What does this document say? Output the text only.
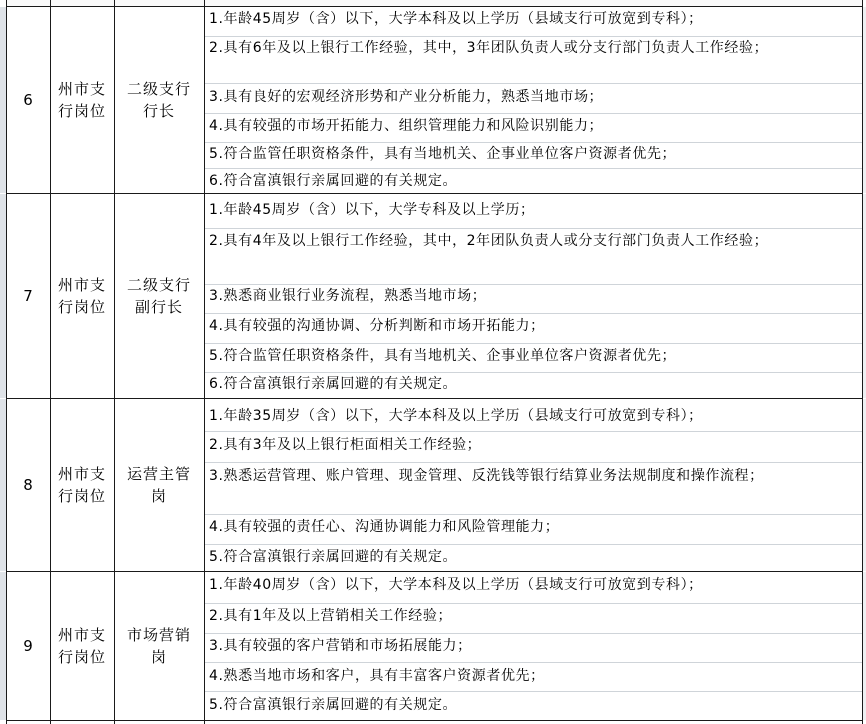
6
州市支行岗位
二级支行行长
1.年龄45周岁（含）以下，大学本科及以上学历（县域支行可放宽到专科）；
2.具有6年及以上银行工作经验，其中，3年团队负责人或分支行部门负责人工作经验；
3.具有良好的宏观经济形势和产业分析能力，熟悉当地市场；
4.具有较强的市场开拓能力、组织管理能力和风险识别能力；
5.符合监管任职资格条件，具有当地机关、企事业单位客户资源者优先；
6.符合富滇银行亲属回避的有关规定。
7
州市支行岗位
二级支行副行长
1.年龄45周岁（含）以下，大学专科及以上学历；
2.具有4年及以上银行工作经验，其中，2年团队负责人或分支行部门负责人工作经验；
3.熟悉商业银行业务流程，熟悉当地市场；
4.具有较强的沟通协调、分析判断和市场开拓能力；
5.符合监管任职资格条件，具有当地机关、企事业单位客户资源者优先；
6.符合富滇银行亲属回避的有关规定。
8
州市支行岗位
运营主管岗
1.年龄35周岁（含）以下，大学本科及以上学历（县域支行可放宽到专科）；
2.具有3年及以上银行柜面相关工作经验；
3.熟悉运营管理、账户管理、现金管理、反洗钱等银行结算业务法规制度和操作流程；
4.具有较强的责任心、沟通协调能力和风险管理能力；
5.符合富滇银行亲属回避的有关规定。
9
州市支行岗位
市场营销岗
1.年龄40周岁（含）以下，大学本科及以上学历（县域支行可放宽到专科）；
2.具有1年及以上营销相关工作经验；
3.具有较强的客户营销和市场拓展能力；
4.熟悉当地市场和客户，具有丰富客户资源者优先；
5.符合富滇银行亲属回避的有关规定。
